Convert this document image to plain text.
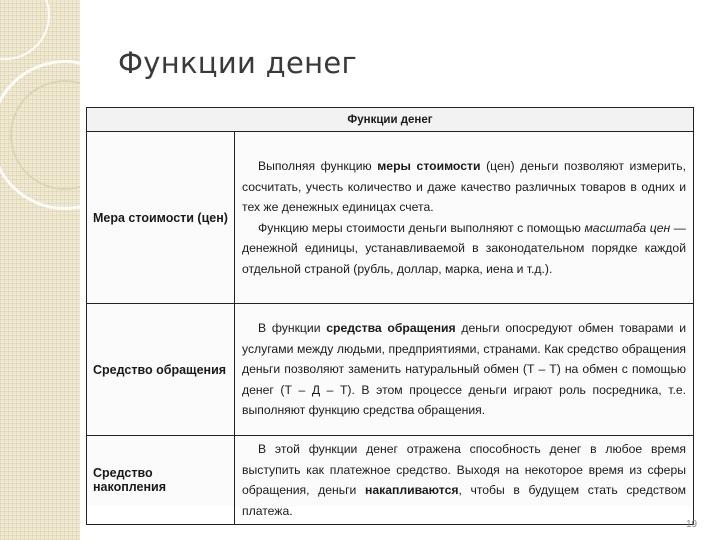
Функции денег
Функции денег	
Мера стоимости (цен)	Выполняя функцию меры стоимости (цен) деньги позволяют измерить, сосчитать, учесть количество и даже качество различных товаров в одних и тех же денежных единицах счета.

Функцию меры стоимости деньги выполняют с помощью масштаба цен — денежной единицы, устанавливаемой в законодательном порядке каждой отдельной страной (рубль, доллар, марка, иена и т.д.).

Средство обращения	В функции средства обращения деньги опосредуют обмен товарами и услугами между людьми, предприятиями, странами. Как средство обращения деньги позволяют заменить натуральный обмен (Т – Т) на обмен с помощью денег (Т – Д – Т). В этом процессе деньги играют роль посредника, т.е. выполняют функцию средства обращения.

Средство накопления	В этой функции денег отражена способность денег в любое время выступить как платежное средство. Выходя на некоторое время из сферы обращения, деньги накапливаются, чтобы в будущем стать средством платежа.

19
